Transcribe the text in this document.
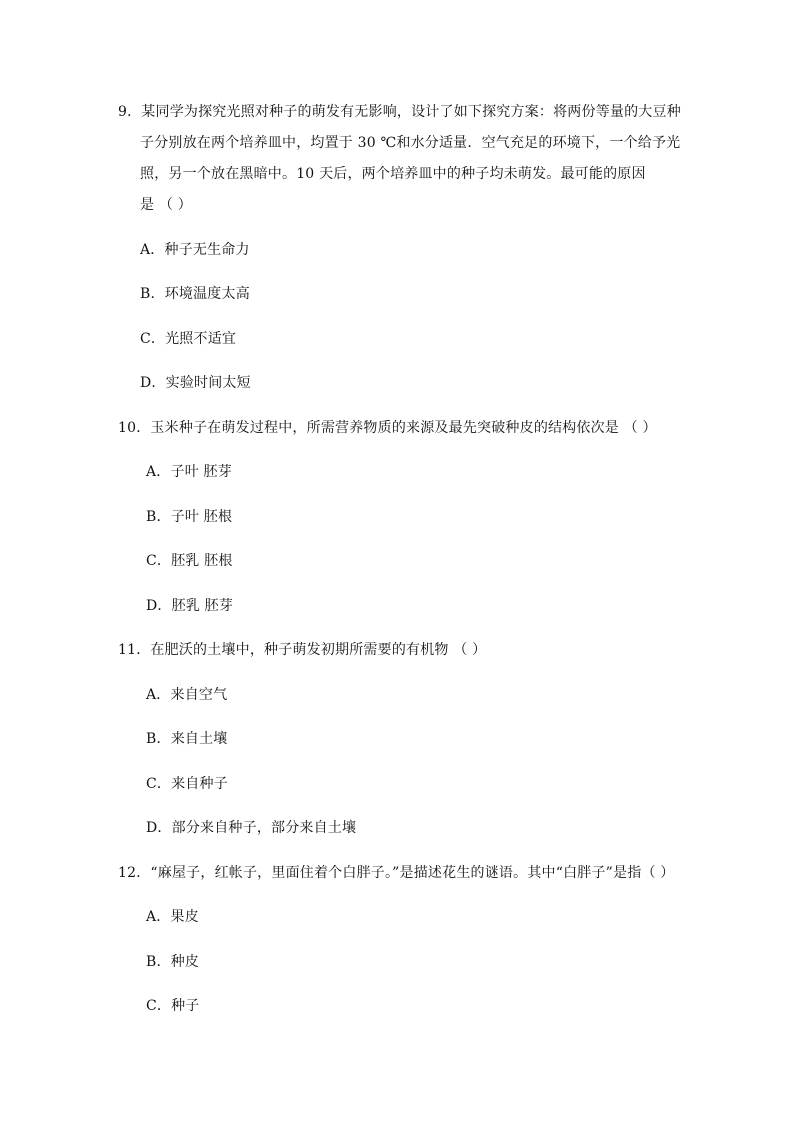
9．某同学为探究光照对种子的萌发有无影响，设计了如下探究方案：将两份等量的大豆种
子分别放在两个培养皿中，均置于 30 ℃和水分适量．空气充足的环境下，一个给予光
照，另一个放在黑暗中。10 天后，两个培养皿中的种子均未萌发。最可能的原因
是 （ ）
A．种子无生命力
B．环境温度太高
C．光照不适宜
D．实验时间太短
10．玉米种子在萌发过程中，所需营养物质的来源及最先突破种皮的结构依次是 （ ）
A．子叶 胚芽
B．子叶 胚根
C．胚乳 胚根
D．胚乳 胚芽
11．在肥沃的土壤中，种子萌发初期所需要的有机物 （ ）
A．来自空气
B．来自土壤
C．来自种子
D．部分来自种子，部分来自土壤
12．“麻屋子，红帐子，里面住着个白胖子。”是描述花生的谜语。其中“白胖子”是指（ ）
A．果皮
B．种皮
C．种子
